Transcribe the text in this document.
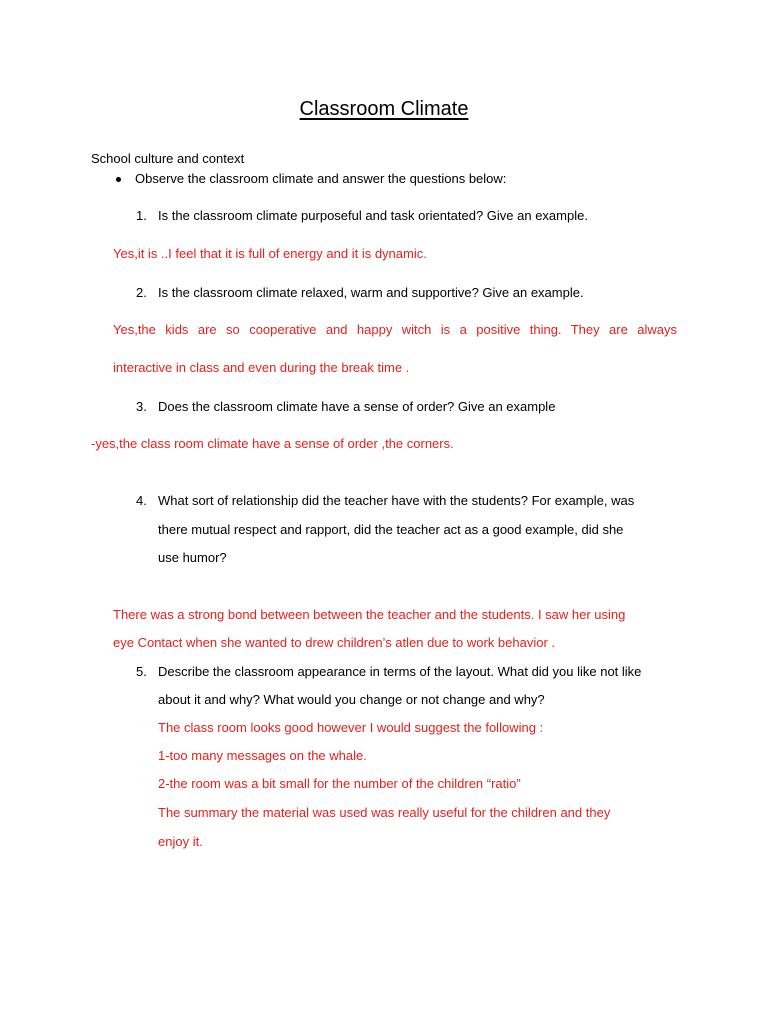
Classroom Climate
School culture and context
Observe the classroom climate and answer the questions below:
1. Is the classroom climate purposeful and task orientated? Give an example.
Yes,it is ..I feel that it is full of energy and it is dynamic.
2. Is the classroom climate relaxed, warm and supportive? Give an example.
Yes,the kids are so cooperative and happy witch is a positive thing. They are always
interactive in class and even during the break time .
3. Does the classroom climate have a sense of order? Give an example
-yes,the class room climate have a sense of order ,the corners.
4. What sort of relationship did the teacher have with the students? For example, was
there mutual respect and rapport, did the teacher act as a good example, did she
use humor?
There was a strong bond between between the teacher and the students. I saw her using
eye Contact when she wanted to drew children’s atlen due to work behavior .
5. Describe the classroom appearance in terms of the layout. What did you like not like
about it and why? What would you change or not change and why?
The class room looks good however I would suggest the following :
1-too many messages on the whale.
2-the room was a bit small for the number of the children “ratio”
The summary the material was used was really useful for the children and they
enjoy it.
